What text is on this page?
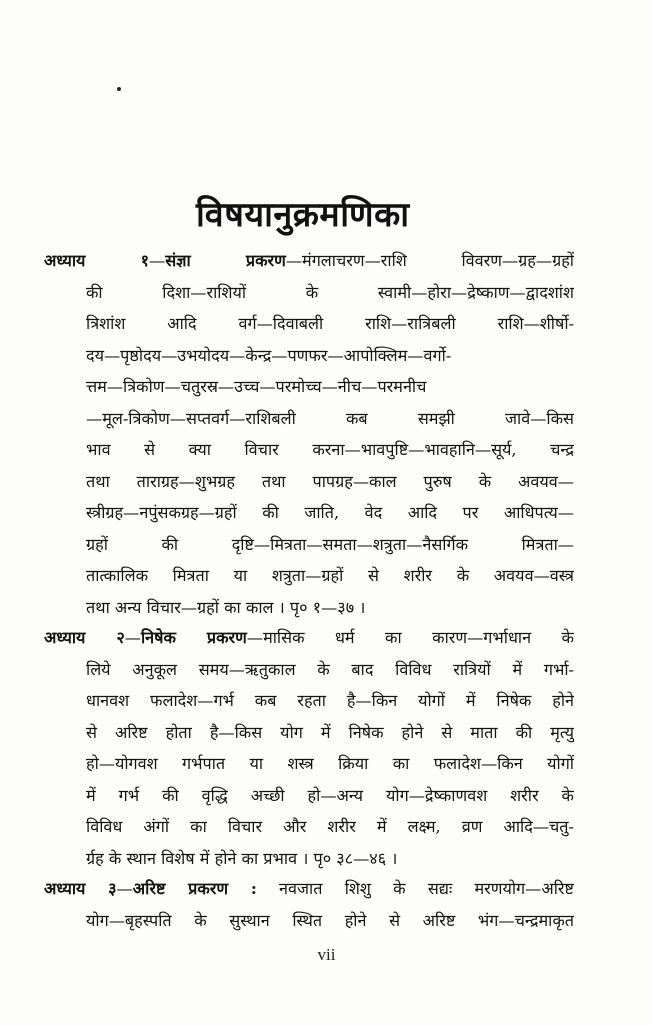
विषयानुक्रमणिका
अध्याय १—संज्ञा प्रकरण—मंगलाचरण—राशि विवरण—ग्रह—ग्रहों
की दिशा—राशियों के स्वामी—होरा—द्रेष्काण—द्वादशांश
त्रिशांश आदि वर्ग—दिवाबली राशि—रात्रिबली राशि—शीर्षो-
दय—पृष्ठोदय—उभयोदय—केन्द्र—पणफर—आपोक्लिम—वर्गो-
त्तम—त्रिकोण—चतुरस्र—उच्च—परमोच्च—नीच—परमनीच
—मूल-त्रिकोण—सप्तवर्ग—राशिबली कब समझी जावे—किस
भाव से क्या विचार करना—भावपुष्टि—भावहानि—सूर्य, चन्द्र
तथा ताराग्रह—शुभग्रह तथा पापग्रह—काल पुरुष के अवयव—
स्त्रीग्रह—नपुंसकग्रह—ग्रहों की जाति, वेद आदि पर आधिपत्य—
ग्रहों की दृष्टि—मित्रता—समता—शत्रुता—नैसर्गिक मित्रता—
तात्कालिक मित्रता या शत्रुता—ग्रहों से शरीर के अवयव—वस्त्र
तथा अन्य विचार—ग्रहों का काल । पृ० १—३७ ।
अध्याय २—निषेक प्रकरण—मासिक धर्म का कारण—गर्भाधान के
लिये अनुकूल समय—ऋतुकाल के बाद विविध रात्रियों में गर्भा-
धानवश फलादेश—गर्भ कब रहता है—किन योगों में निषेक होने
से अरिष्ट होता है—किस योग में निषेक होने से माता की मृत्यु
हो—योगवश गर्भपात या शस्त्र क्रिया का फलादेश—किन योगों
में गर्भ की वृद्धि अच्छी हो—अन्य योग—द्रेष्काणवश शरीर के
विविध अंगों का विचार और शरीर में लक्ष्म, व्रण आदि—चतु-
र्ग्रह के स्थान विशेष में होने का प्रभाव । पृ० ३८—४६ ।
अध्याय ३—अरिष्ट प्रकरण : नवजात शिशु के सद्यः मरणयोग—अरिष्ट
योग—बृहस्पति के सुस्थान स्थित होने से अरिष्ट भंग—चन्द्रमाकृत
vii
